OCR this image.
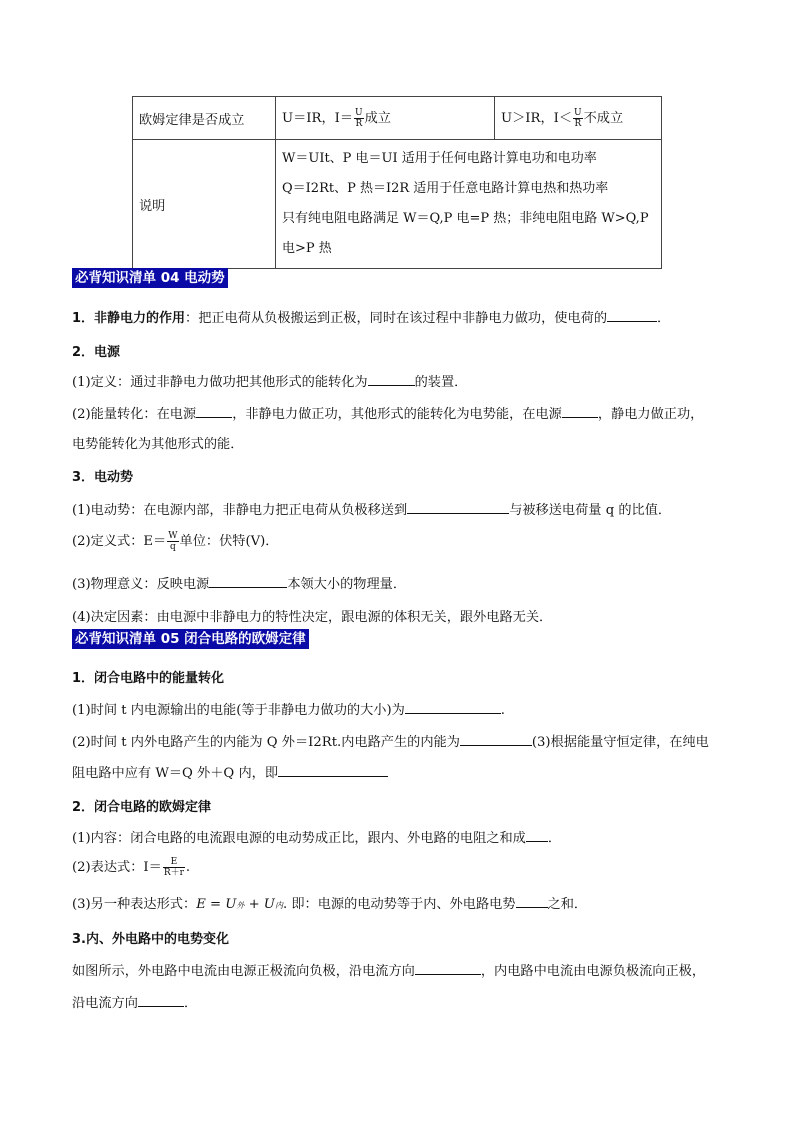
欧姆定律是否成立	U＝IR，$I= \frac{U}{R}$ 成立	U＞IR，$I< \frac{U}{R}$ 不成立
说明	W＝UIt、P 电＝UI 适用于任何电路计算电功和电功率
Q＝I2Rt、P 热＝I2R 适用于任意电路计算电热和热功率
只有纯电阻电路满足 W＝Q,P 电=P 热；非纯电阻电路 W>Q,P
电>P 热	
必背知识清单 04 电动势
1．非静电力的作用：把正电荷从负极搬运到正极，同时在该过程中非静电力做功，使电荷的	．
2．电源
(1)定义：通过非静电力做功把其他形式的能转化为	的装置．
(2)能量转化：在电源	，非静电力做正功，其他形式的能转化为电势能，在电源	，静电力做正功，
电势能转化为其他形式的能．
3．电动势
(1)电动势：在电源内部，非静电力把正电荷从负极移送到	与被移送电荷量 q 的比值．
(2)定义式：$E= \frac{W}{q}$ 单位：伏特(V)．
(3)物理意义：反映电源	本领大小的物理量．
(4)决定因素：由电源中非静电力的特性决定，跟电源的体积无关，跟外电路无关．
必背知识清单 05 闭合电路的欧姆定律
1．闭合电路中的能量转化
(1)时间 t 内电源输出的电能(等于非静电力做功的大小)为	.
(2)时间 t 内外电路产生的内能为 Q 外＝I2Rt.内电路产生的内能为	(3)根据能量守恒定律，在纯电
阻电路中应有 W＝Q 外＋Q 内，即
2．闭合电路的欧姆定律
(1)内容：闭合电路的电流跟电源的电动势成正比，跟内、外电路的电阻之和成 ．
(2)表达式：$I= \frac{E}{R+r}$ .
(3)另一种表达形式：E = U外 + U内. 即：电源的电动势等于内、外电路电势 之和．
3.内、外电路中的电势变化
如图所示，外电路中电流由电源正极流向负极，沿电流方向	，内电路中电流由电源负极流向正极，
沿电流方向	．
